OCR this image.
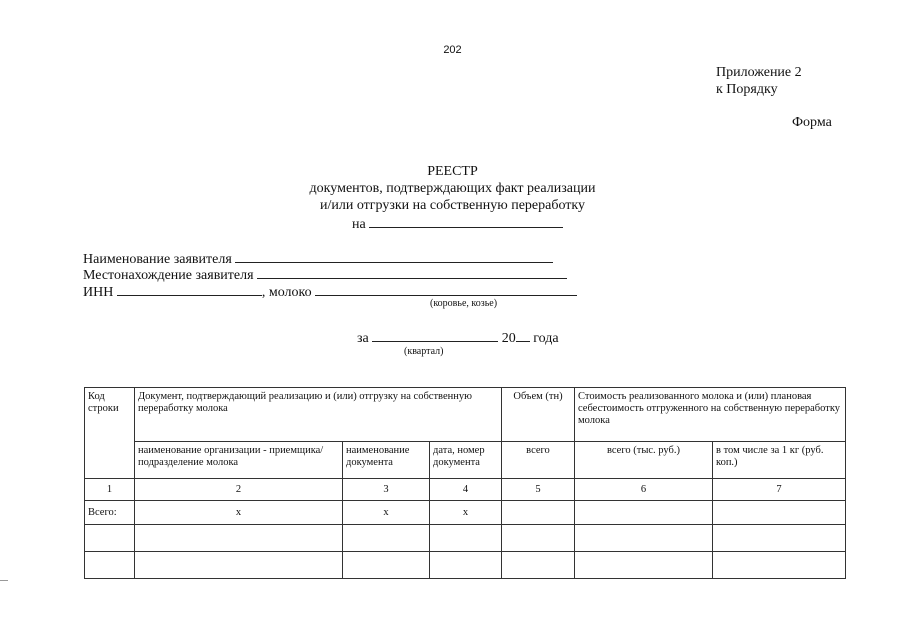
202
Приложение 2
к Порядку
Форма
РЕЕСТР
документов, подтверждающих факт реализации
и/или отгрузки на собственную переработку
на
Наименование заявителя
Местонахождение заявителя
ИНН	, молоко
(коровье, козье)
за	20 года
(квартал)
Код строки	Документ, подтверждающий реализацию и (или) отгрузку на собственную переработку молока			Объем (тн)	Стоимость реализованного молока и (или) плановая себестоимость отгруженного на собственную переработку молока	
	наименование организации - приемщика/подразделение молока	наименование документа	дата, номер документа	всего	всего (тыс. руб.)	в том числе за 1 кг (руб. коп.)
1	2	3	4	5	6	7
Всего:	х	х	х			
